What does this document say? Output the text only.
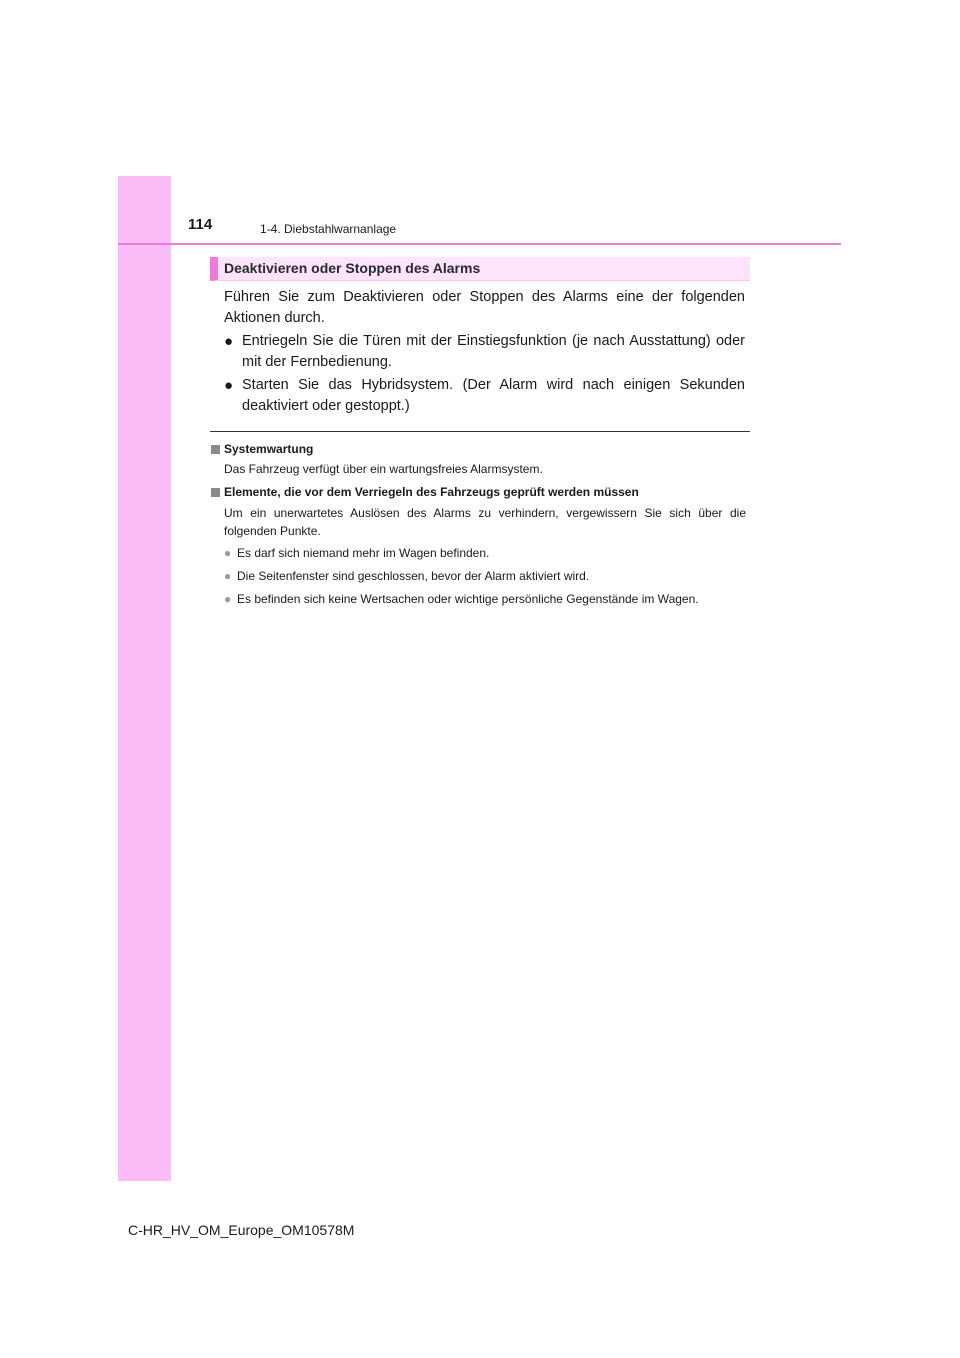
114	1-4. Diebstahlwarnanlage
Deaktivieren oder Stoppen des Alarms
Führen Sie zum Deaktivieren oder Stoppen des Alarms eine der folgenden Aktionen durch.
● Entriegeln Sie die Türen mit der Einstiegsfunktion (je nach Ausstattung) oder mit der Fernbedienung.
● Starten Sie das Hybridsystem. (Der Alarm wird nach einigen Sekunden deaktiviert oder gestoppt.)
Systemwartung
Das Fahrzeug verfügt über ein wartungsfreies Alarmsystem.
Elemente, die vor dem Verriegeln des Fahrzeugs geprüft werden müssen
Um ein unerwartetes Auslösen des Alarms zu verhindern, vergewissern Sie sich über die folgenden Punkte.
● Es darf sich niemand mehr im Wagen befinden.
● Die Seitenfenster sind geschlossen, bevor der Alarm aktiviert wird.
● Es befinden sich keine Wertsachen oder wichtige persönliche Gegenstände im Wagen.
C-HR_HV_OM_Europe_OM10578M
